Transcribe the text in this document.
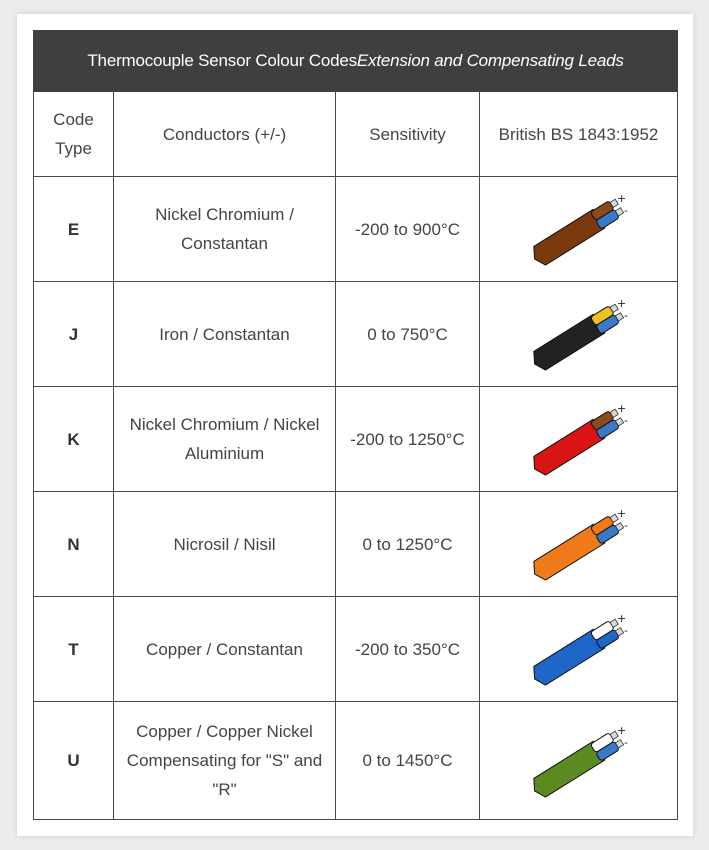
Thermocouple Sensor Colour CodesExtension and Compensating Leads			
Code Type	Conductors (+/-)	Sensitivity	British BS 1843:1952
E	Nickel Chromium / Constantan	-200 to 900°C	+
-

J	Iron / Constantan	0 to 750°C	+
-

K	Nickel Chromium / Nickel Aluminium	-200 to 1250°C	+
-

N	Nicrosil / Nisil	0 to 1250°C	+
-

T	Copper / Constantan	-200 to 350°C	+
-

U	Copper / Copper Nickel Compensating for "S" and "R"	0 to 1450°C	+
-
